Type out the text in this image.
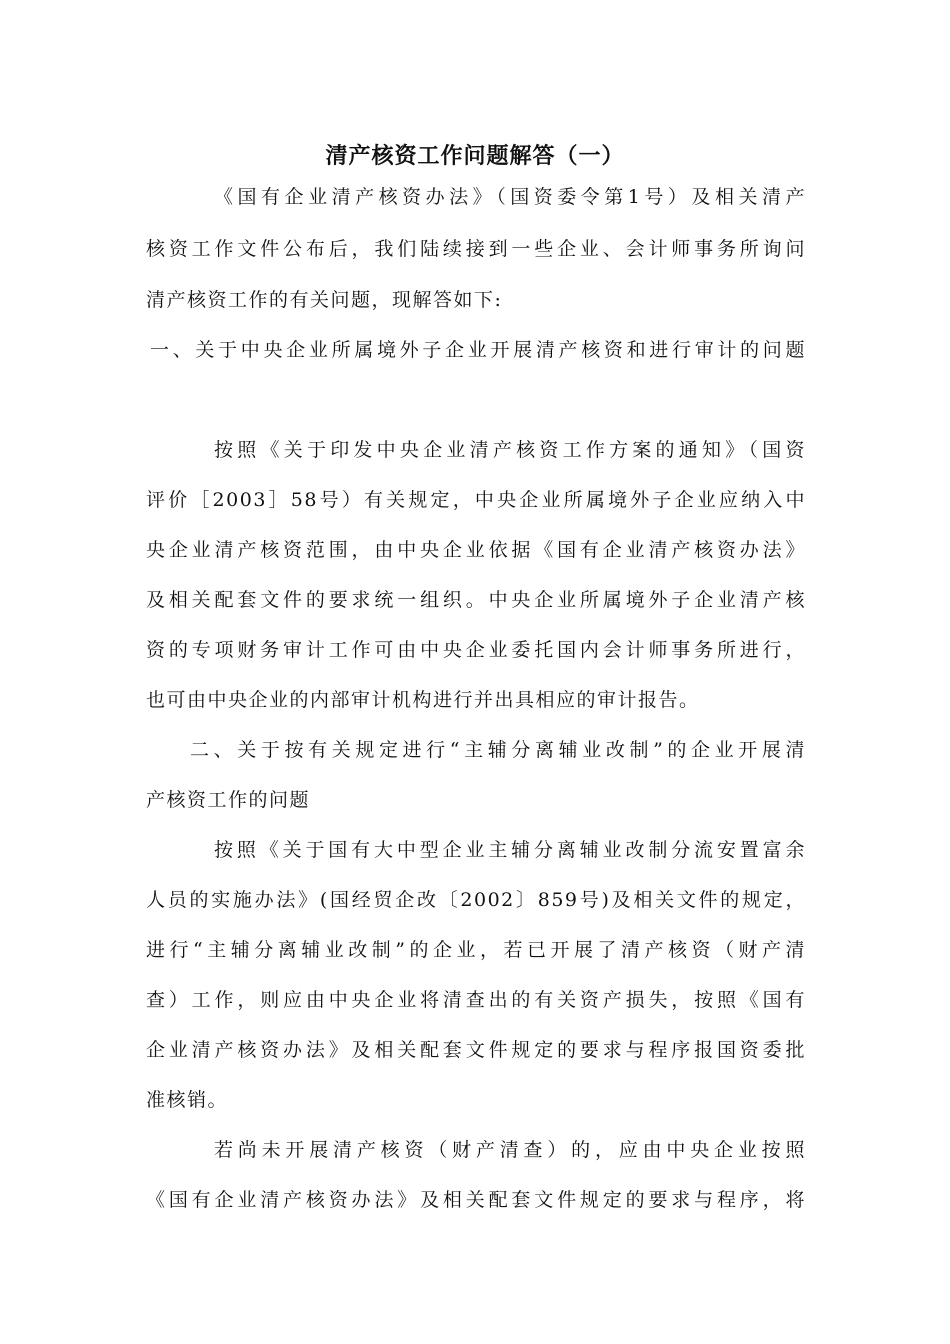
清产核资工作问题解答（一）
《国有企业清产核资办法》（国资委令第1号）及相关清产
核资工作文件公布后，我们陆续接到一些企业、会计师事务所询问
清产核资工作的有关问题，现解答如下:
一、关于中央企业所属境外子企业开展清产核资和进行审计的问题
按照《关于印发中央企业清产核资工作方案的通知》（国资
评价［2003］58号）有关规定，中央企业所属境外子企业应纳入中
央企业清产核资范围，由中央企业依据《国有企业清产核资办法》
及相关配套文件的要求统一组织。中央企业所属境外子企业清产核
资的专项财务审计工作可由中央企业委托国内会计师事务所进行，
也可由中央企业的内部审计机构进行并出具相应的审计报告。
二、关于按有关规定进行“主辅分离辅业改制”的企业开展清
产核资工作的问题
按照《关于国有大中型企业主辅分离辅业改制分流安置富余
人员的实施办法》(国经贸企改〔2002〕859号)及相关文件的规定，
进行“主辅分离辅业改制”的企业，若已开展了清产核资（财产清
查）工作，则应由中央企业将清查出的有关资产损失，按照《国有
企业清产核资办法》及相关配套文件规定的要求与程序报国资委批
准核销。
若尚未开展清产核资（财产清查）的，应由中央企业按照
《国有企业清产核资办法》及相关配套文件规定的要求与程序，将
